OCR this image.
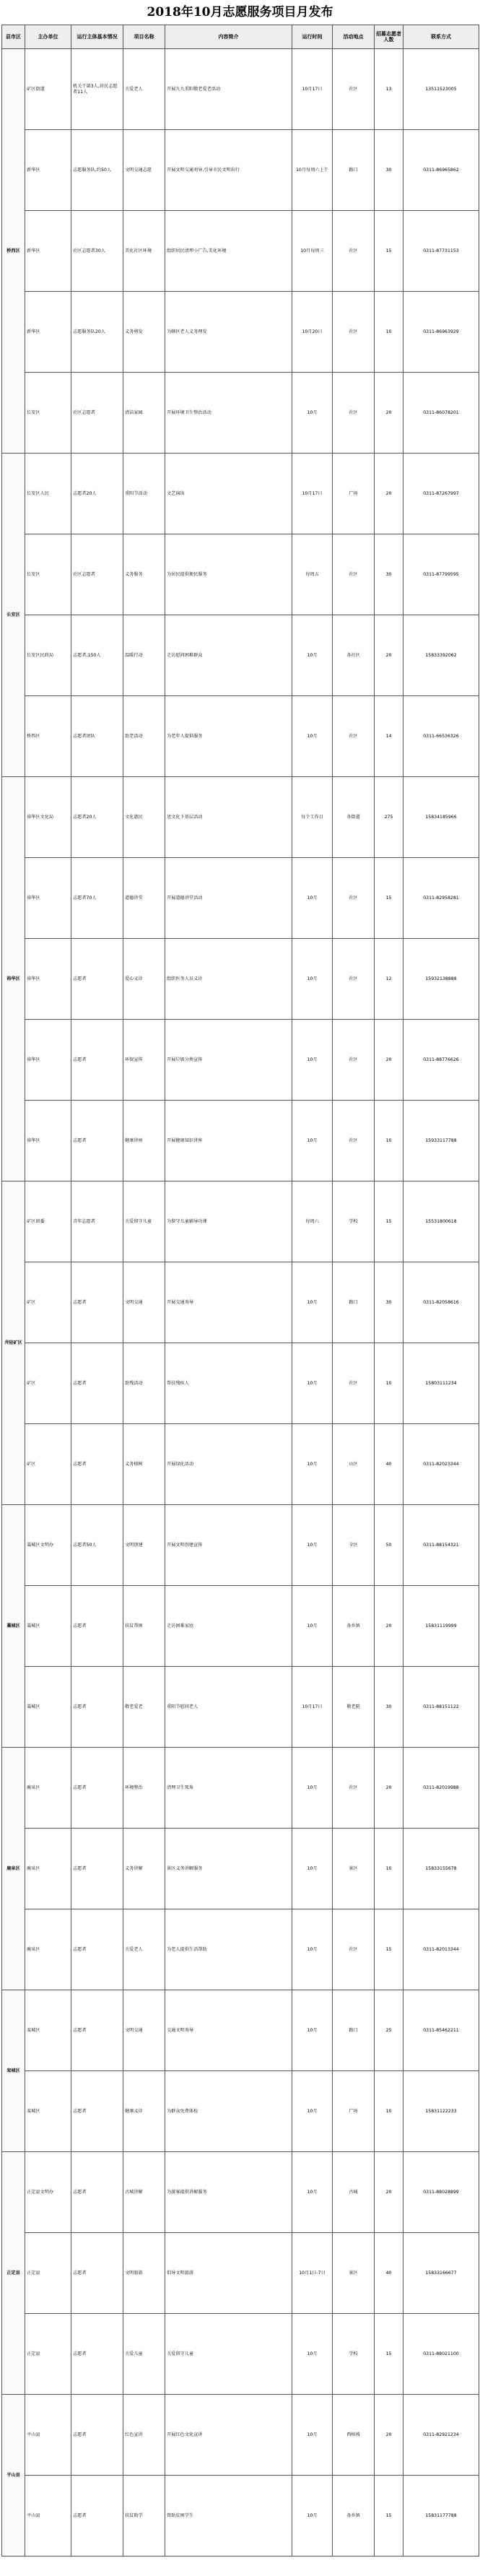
2018年10月志愿服务项目月发布
县市区	主办单位	运行主体基本情况	项目名称	内容简介	运行时间	活动地点	招募志愿者人数	联系方式
桥西区	矿区街道	机关干部3人,居民志愿者11人	关爱老人	开展九九重阳敬老爱老活动	10月17日	社区	13	13511523005
	新华区	志愿服务队,约50人	文明交通志愿	开展文明交通劝导,引导市民文明出行	10月每周六上午	路口	30	0311-86965862
	新华区	社区志愿者30人	美化社区环境	组织居民清理小广告,美化环境	10月每周三	社区	15	0311-87731153
	新华区	志愿服务队20人	义务剪发	为辖区老人义务理发	10月20日	社区	10	0311-86963929
	长安区	社区志愿者	清洁家园	开展环境卫生整治活动	10月	社区	20	0311-86078201
长安区	长安区人民	志愿者20人	重阳节活动	文艺演出	10月17日	广场	20	0311-87267997
	长安区	社区志愿者	义务服务	为居民提供便民服务	每周五	社区	30	0311-87799595
	长安区民政局	志愿者,150人	温暖行动	走访慰问困难群众	10月	各社区	20	15833392062
	桥西区	志愿者团队	助老活动	为老年人提供服务	10月	社区	14	0311-66536326
裕华区	裕华区文化局	志愿者20人	文化惠民	送文化下基层活动	每个工作日	各街道	275	15834185966
	裕华区	志愿者70人	道德讲堂	开展道德讲堂活动	10月	社区	15	0311-82958281
	裕华区	志愿者	爱心义诊	组织医务人员义诊	10月	社区	12	15932138888
	裕华区	志愿者	环保宣传	开展垃圾分类宣传	10月	社区	20	0311-88776626
	裕华区	志愿者	健康讲座	开展健康知识讲座	10月	社区	10	15933117788
井陉矿区	矿区团委	青年志愿者	关爱留守儿童	为留守儿童辅导功课	每周六	学校	15	15531800618
	矿区	志愿者	文明交通	开展交通劝导	10月	路口	30	0311-82058616
	矿区	志愿者	助残活动	帮扶残疾人	10月	社区	10	15803111234
	矿区	志愿者	义务植树	开展绿化活动	10月	山区	40	0311-82023344
藁城区	藁城区文明办	志愿者50人	文明创建	开展文明创建宣传	10月	全区	50	0311-88154321
	藁城区	志愿者	扶贫帮困	走访困难家庭	10月	各乡镇	20	15831119999
	藁城区	志愿者	敬老爱老	重阳节慰问老人	10月17日	敬老院	30	0311-88151122
鹿泉区	鹿泉区	志愿者	环境整治	清理卫生死角	10月	社区	20	0311-82019988
	鹿泉区	志愿者	义务讲解	景区义务讲解服务	10月	景区	10	15833155678
	鹿泉区	志愿者	关爱老人	为老人提供生活帮助	10月	社区	15	0311-82013344
栾城区	栾城区	志愿者	文明交通	交通文明劝导	10月	路口	25	0311-85462211
	栾城区	志愿者	健康义诊	为群众免费体检	10月	广场	10	15831122233
正定县	正定县文明办	志愿者	古城讲解	为游客提供讲解服务	10月	古城	20	0311-88028899
	正定县	志愿者	文明旅游	倡导文明旅游	10月1日-7日	景区	40	15833166677
	正定县	志愿者	关爱儿童	关爱留守儿童	10月	学校	15	0311-88021100
平山县	平山县	志愿者	红色宣讲	开展红色文化宣讲	10月	西柏坡	20	0311-82921234
	平山县	志愿者	扶贫助学	资助贫困学生	10月	各乡镇	15	15831177788
